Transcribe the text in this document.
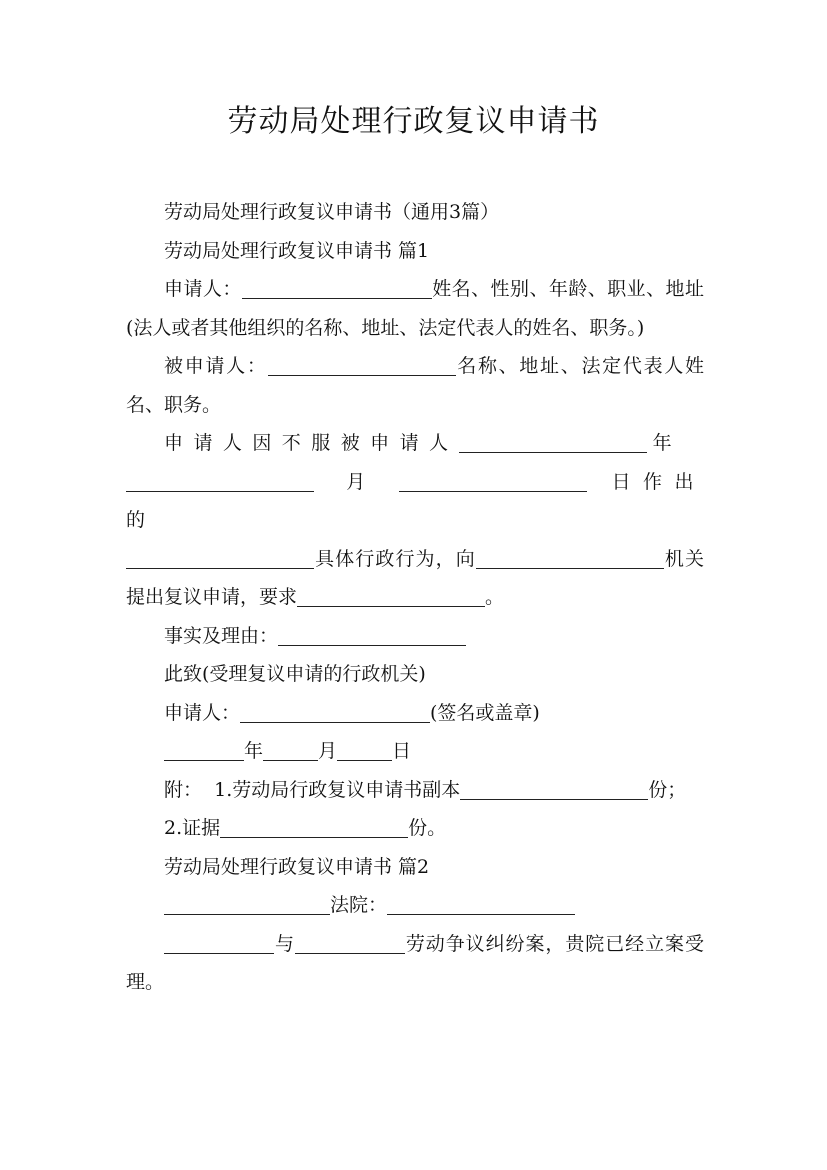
劳动局处理行政复议申请书

劳动局处理行政复议申请书（通用3篇）

劳动局处理行政复议申请书 篇1

申请人：	姓名、性别、年龄、职业、地址(法人或者其他组织的名称、地址、法定代表人的姓名、职务。)

被申请人：	名称、地址、法定代表人姓名、职务。

申请人因不服被申请人	年
月	日作出的
具体行政行为，向	机关提出复议申请，要求	。

事实及理由：

此致(受理复议申请的行政机关)

申请人：	(签名或盖章)

年	月	日

附： 1.劳动局行政复议申请书副本	份；

2.证据	份。

劳动局处理行政复议申请书 篇2

法院：

与	劳动争议纠纷案，贵院已经立案受理。
